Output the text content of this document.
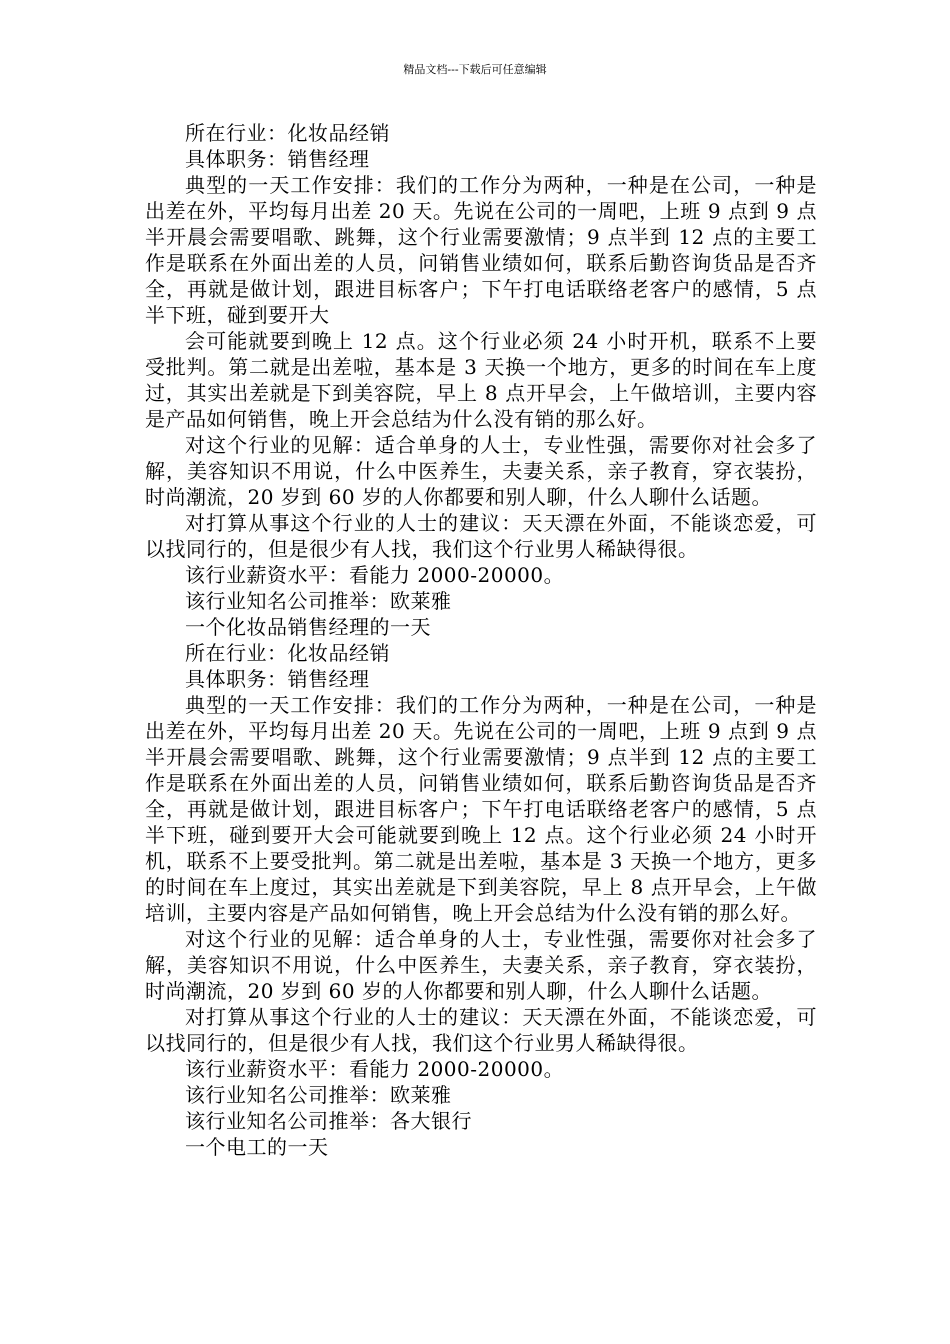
精品文档---下载后可任意编辑

所在行业：化妆品经销

具体职务：销售经理

典型的一天工作安排：我们的工作分为两种，一种是在公司，一种是出差在外，平均每月出差 20 天。先说在公司的一周吧，上班 9 点到 9 点半开晨会需要唱歌、跳舞，这个行业需要激情；9 点半到 12 点的主要工作是联系在外面出差的人员，问销售业绩如何，联系后勤咨询货品是否齐全，再就是做计划，跟进目标客户；下午打电话联络老客户的感情，5 点半下班，碰到要开大

会可能就要到晚上 12 点。这个行业必须 24 小时开机，联系不上要受批判。第二就是出差啦，基本是 3 天换一个地方，更多的时间在车上度过，其实出差就是下到美容院，早上 8 点开早会，上午做培训，主要内容是产品如何销售，晚上开会总结为什么没有销的那么好。

对这个行业的见解：适合单身的人士，专业性强，需要你对社会多了解，美容知识不用说，什么中医养生，夫妻关系，亲子教育，穿衣装扮，时尚潮流，20 岁到 60 岁的人你都要和别人聊，什么人聊什么话题。

对打算从事这个行业的人士的建议：天天漂在外面，不能谈恋爱，可以找同行的，但是很少有人找，我们这个行业男人稀缺得很。

该行业薪资水平：看能力 2000-20000。

该行业知名公司推举：欧莱雅

一个化妆品销售经理的一天

所在行业：化妆品经销

具体职务：销售经理

典型的一天工作安排：我们的工作分为两种，一种是在公司，一种是出差在外，平均每月出差 20 天。先说在公司的一周吧，上班 9 点到 9 点半开晨会需要唱歌、跳舞，这个行业需要激情；9 点半到 12 点的主要工作是联系在外面出差的人员，问销售业绩如何，联系后勤咨询货品是否齐全，再就是做计划，跟进目标客户；下午打电话联络老客户的感情，5 点半下班，碰到要开大会可能就要到晚上 12 点。这个行业必须 24 小时开机，联系不上要受批判。第二就是出差啦，基本是 3 天换一个地方，更多的时间在车上度过，其实出差就是下到美容院，早上 8 点开早会，上午做培训，主要内容是产品如何销售，晚上开会总结为什么没有销的那么好。

对这个行业的见解：适合单身的人士，专业性强，需要你对社会多了解，美容知识不用说，什么中医养生，夫妻关系，亲子教育，穿衣装扮，时尚潮流，20 岁到 60 岁的人你都要和别人聊，什么人聊什么话题。

对打算从事这个行业的人士的建议：天天漂在外面，不能谈恋爱，可以找同行的，但是很少有人找，我们这个行业男人稀缺得很。

该行业薪资水平：看能力 2000-20000。

该行业知名公司推举：欧莱雅

该行业知名公司推举：各大银行

一个电工的一天
